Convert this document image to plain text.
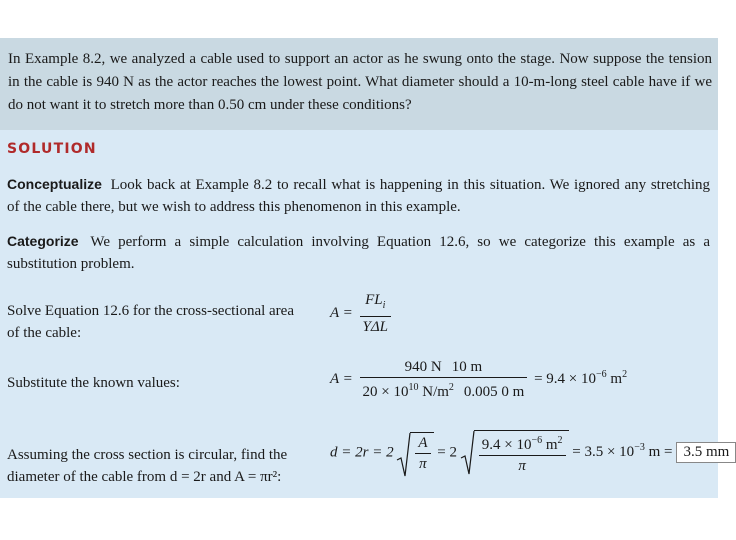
In Example 8.2, we analyzed a cable used to support an actor as he swung onto the stage. Now suppose the tension in the cable is 940 N as the actor reaches the lowest point. What diameter should a 10-m-long steel cable have if we do not want it to stretch more than 0.50 cm under these conditions?
SOLUTION
Conceptualize Look back at Example 8.2 to recall what is happening in this situation. We ignored any stretching of the cable there, but we wish to address this phenomenon in this example.
Categorize We perform a simple calculation involving Equation 12.6, so we categorize this example as a substitution problem.
Solve Equation 12.6 for the cross-sectional area of the cable:
$A = \frac{FL_i}{\text{YΔL}}$
Substitute the known values:	$A = \frac{940 N 10 m}{20 \times 10^{10} N/m^2 0.005 0 m} = 9.4 \times 10^{-6}$ $m^2$
Assuming the cross section is circular, find the diameter of the cable from d = 2r and A = πr²:
$d = 2r = 2 \frac{A}{\pi} = 2 \frac{9.4 \times 10^{-6} m^2}{\pi} = 3.5 \times 10^{-3}$ m = 3.5 mm
